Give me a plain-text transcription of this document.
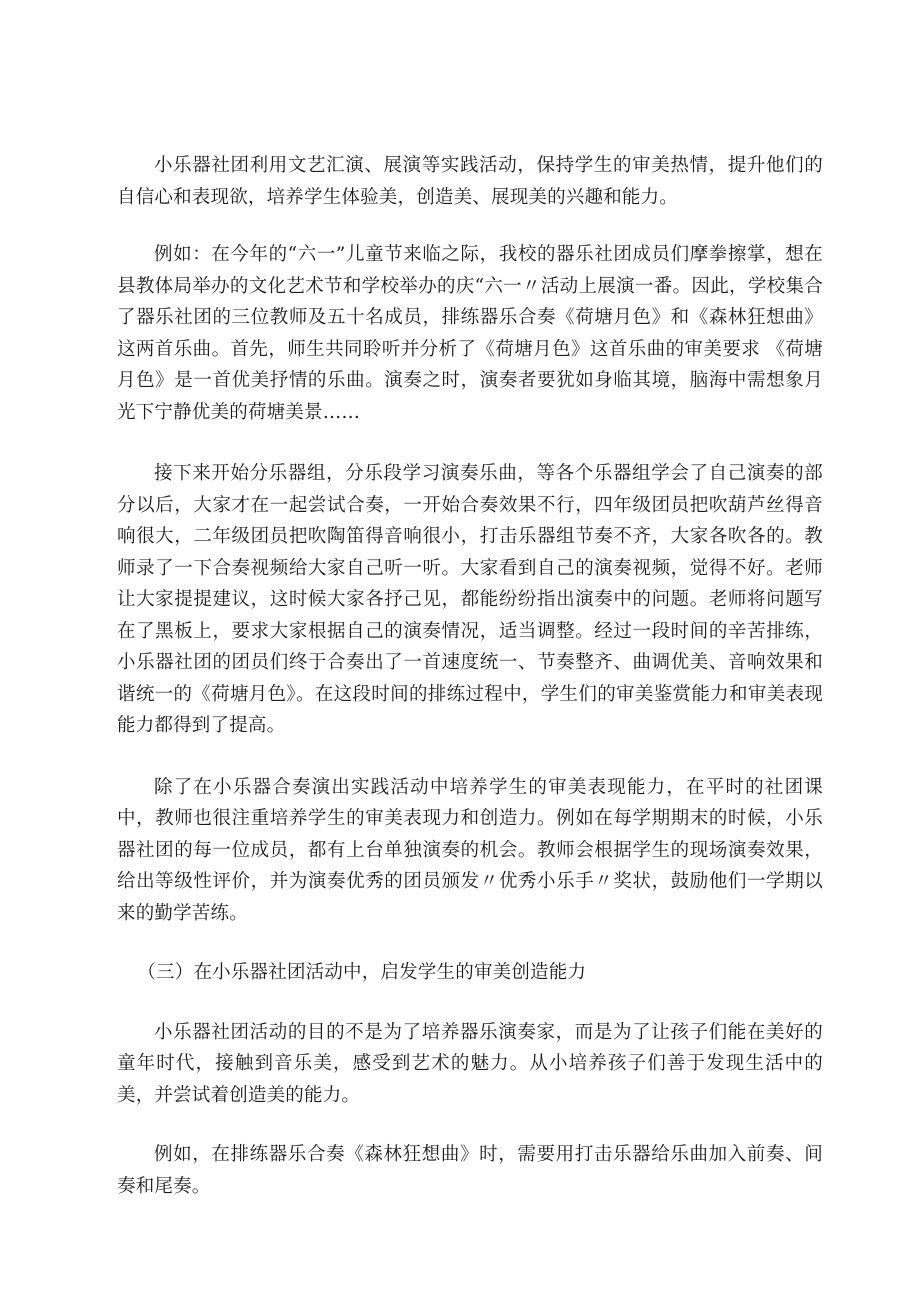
小乐器社团利用文艺汇演、展演等实践活动，保持学生的审美热情，提升他们的自信心和表现欲，培养学生体验美，创造美、展现美的兴趣和能力。

例如：在今年的“六一”儿童节来临之际，我校的器乐社团成员们摩拳擦掌，想在县教体局举办的文化艺术节和学校举办的庆“六一〃活动上展演一番。因此，学校集合了器乐社团的三位教师及五十名成员，排练器乐合奏《荷塘月色》和《森林狂想曲》这两首乐曲。首先，师生共同聆听并分析了《荷塘月色》这首乐曲的审美要求 《荷塘月色》是一首优美抒情的乐曲。演奏之时，演奏者要犹如身临其境，脑海中需想象月光下宁静优美的荷塘美景……

接下来开始分乐器组，分乐段学习演奏乐曲，等各个乐器组学会了自己演奏的部分以后，大家才在一起尝试合奏，一开始合奏效果不行，四年级团员把吹葫芦丝得音响很大，二年级团员把吹陶笛得音响很小，打击乐器组节奏不齐，大家各吹各的。教师录了一下合奏视频给大家自己听一听。大家看到自己的演奏视频，觉得不好。老师让大家提提建议，这时候大家各抒己见，都能纷纷指出演奏中的问题。老师将问题写在了黑板上，要求大家根据自己的演奏情况，适当调整。经过一段时间的辛苦排练，小乐器社团的团员们终于合奏出了一首速度统一、节奏整齐、曲调优美、音响效果和谐统一的《荷塘月色》。在这段时间的排练过程中，学生们的审美鉴赏能力和审美表现能力都得到了提高。

除了在小乐器合奏演出实践活动中培养学生的审美表现能力，在平时的社团课中，教师也很注重培养学生的审美表现力和创造力。例如在每学期期末的时候，小乐器社团的每一位成员，都有上台单独演奏的机会。教师会根据学生的现场演奏效果，给出等级性评价，并为演奏优秀的团员颁发〃优秀小乐手〃奖状，鼓励他们一学期以来的勤学苦练。

（三）在小乐器社团活动中，启发学生的审美创造能力

小乐器社团活动的目的不是为了培养器乐演奏家，而是为了让孩子们能在美好的童年时代，接触到音乐美，感受到艺术的魅力。从小培养孩子们善于发现生活中的美，并尝试着创造美的能力。

例如，在排练器乐合奏《森林狂想曲》时，需要用打击乐器给乐曲加入前奏、间奏和尾奏。
